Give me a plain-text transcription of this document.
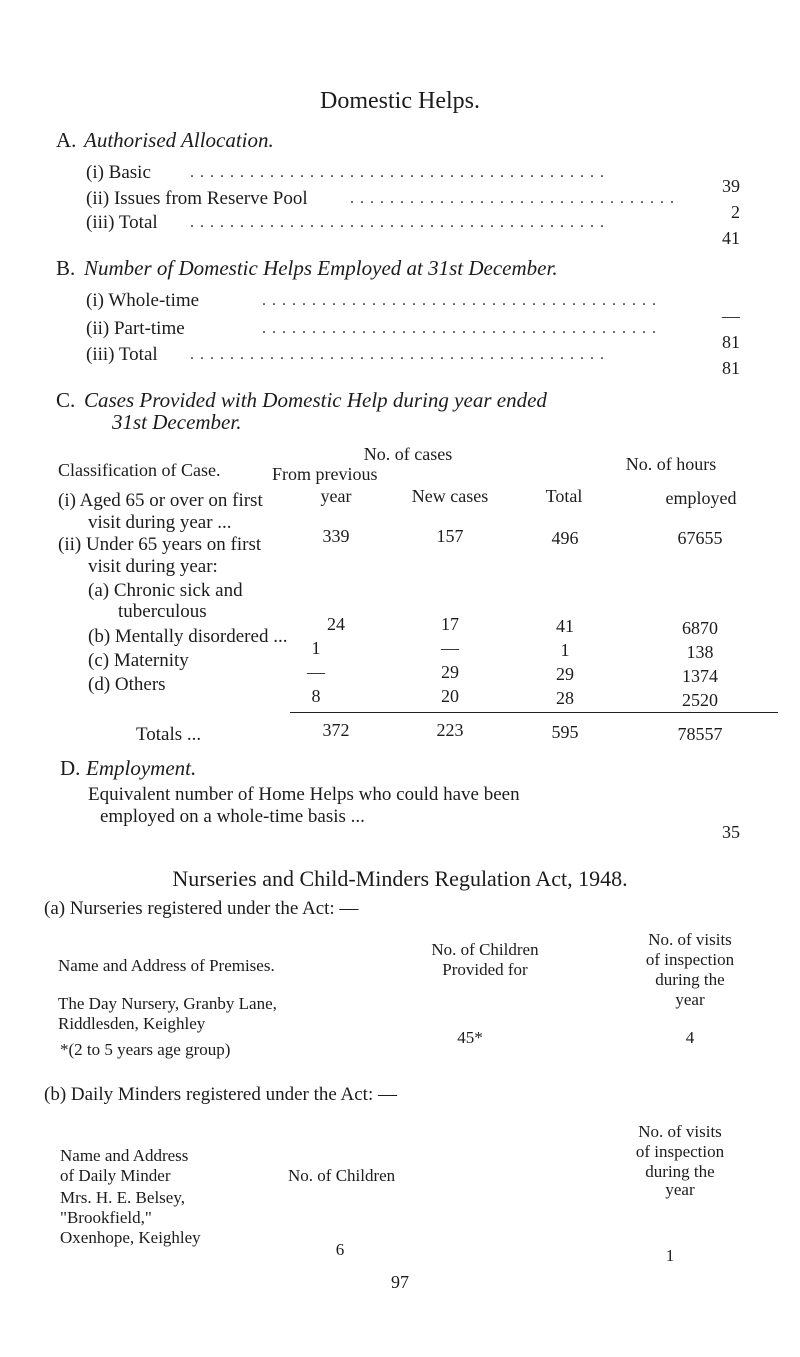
Domestic Helps.
A. Authorised Allocation.
(i) Basic ..........................................
39
(ii) Issues from Reserve Pool	.................................
2
(iii) Total ..........................................
41
B. Number of Domestic Helps Employed at 31st December.
(i) Whole-time	........................................
—
(ii) Part-time	........................................
81
(iii) Total ..........................................
81
C. Cases Provided with Domestic Help during year ended
31st December.
Classification of Case.
No. of cases
From previous	No. of hours
year	New cases	Total	employed
(i) Aged 65 or over on first
visit during year ...
339	157	496	67655
(ii) Under 65 years on first
visit during year:
(a) Chronic sick and
tuberculous
24	17	41	6870
(b) Mentally disordered ...
1	—	1	138
(c) Maternity
—	29	29	1374
(d) Others
8	20	28	2520
Totals ...	372	223	595	78557
D. Employment.
Equivalent number of Home Helps who could have been
employed on a whole-time basis ...
35
Nurseries and Child-Minders Regulation Act, 1948.
(a) Nurseries registered under the Act: —
Name and Address of Premises.
No. of Children
Provided for
No. of visits
of inspection
during the
year
The Day Nursery, Granby Lane,
Riddlesden, Keighley
*(2 to 5 years age group)
45*	4
(b) Daily Minders registered under the Act: —
Name and Address
of Daily Minder	No. of Children
No. of visits
of inspection
during the
year
Mrs. H. E. Belsey,
"Brookfield,"
Oxenhope, Keighley
6	1
97
